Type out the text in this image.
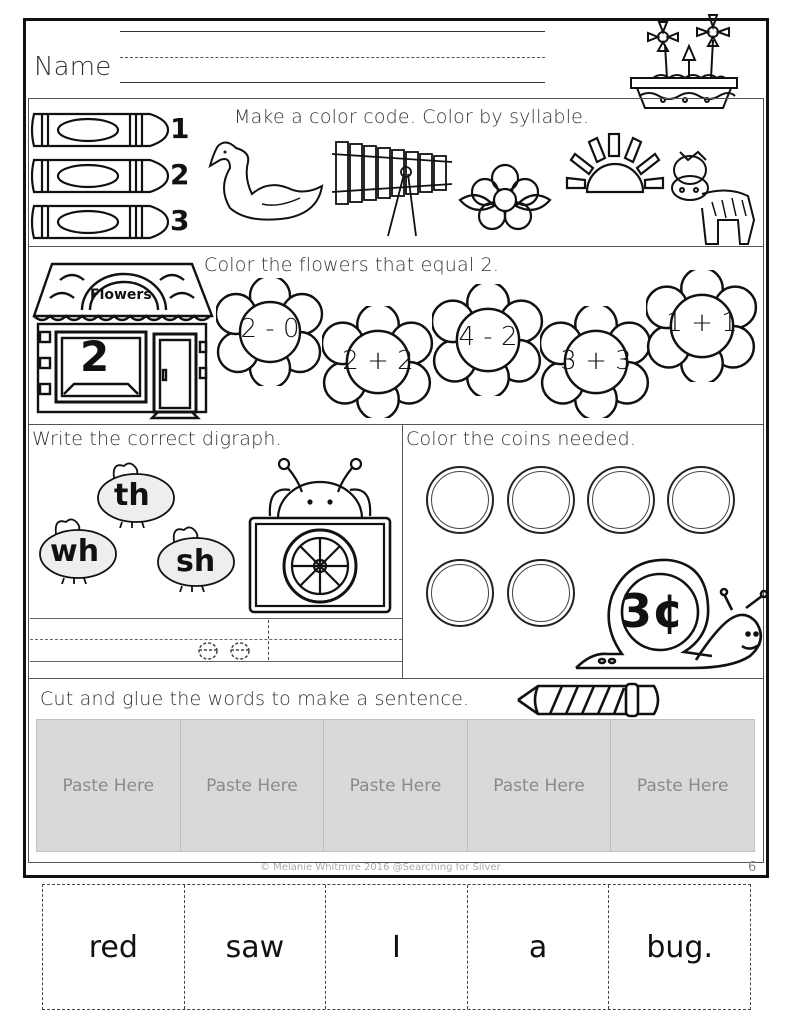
Name
Make a color code. Color by syllable.
1
2
3
Color the flowers that equal 2.
Flowers
2
2 - 0
2 + 2
4 - 2
3 + 3
1 + 1
Write the correct digraph.
th
wh	sh
Color the coins needed.
3¢
Cut and glue the words to make a sentence.
Paste Here	Paste Here	Paste Here	Paste Here	Paste Here
© Melanie Whitmire 2016 @Searching for Silver	6
red	saw	I	a	bug.
